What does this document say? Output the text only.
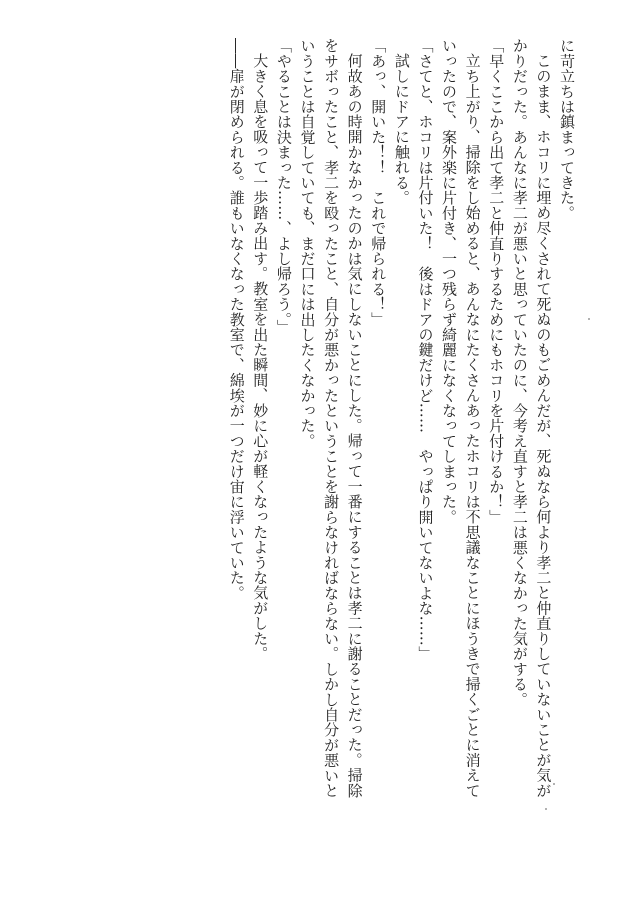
に苛立ちは鎮まってきた。

このまま、ホコリに埋め尽くされて死ぬのもごめんだが、死ぬなら何より孝二と仲直りしていないことが気が

かりだった。あんなに孝二が悪いと思っていたのに、今考え直すと孝二は悪くなかった気がする。

「早くここから出て孝二と仲直りするためにもホコリを片付けるか！」

立ち上がり、掃除をし始めると、あんなにたくさんあったホコリは不思議なことにほうきで掃くごとに消えて

いったので、案外楽に片付き、一つ残らず綺麗になくなってしまった。

「さてと、ホコリは片付いた！　後はドアの鍵だけど……　やっぱり開いてないよな……」

試しにドアに触れる。

「あっ、開いた！！　これで帰られる！」

何故あの時開かなかったのかは気にしないことにした。帰って一番にすることは孝二に謝ることだった。掃除

をサボったこと、孝二を殴ったこと、自分が悪かったということを謝らなければならない。しかし自分が悪いと

いうことは自覚していても、まだ口には出したくなかった。

「やることは決まった……、よし帰ろう。」

大きく息を吸って一歩踏み出す。教室を出た瞬間、妙に心が軽くなったような気がした。

――扉が閉められる。誰もいなくなった教室で、綿埃が一つだけ宙に浮いていた。
